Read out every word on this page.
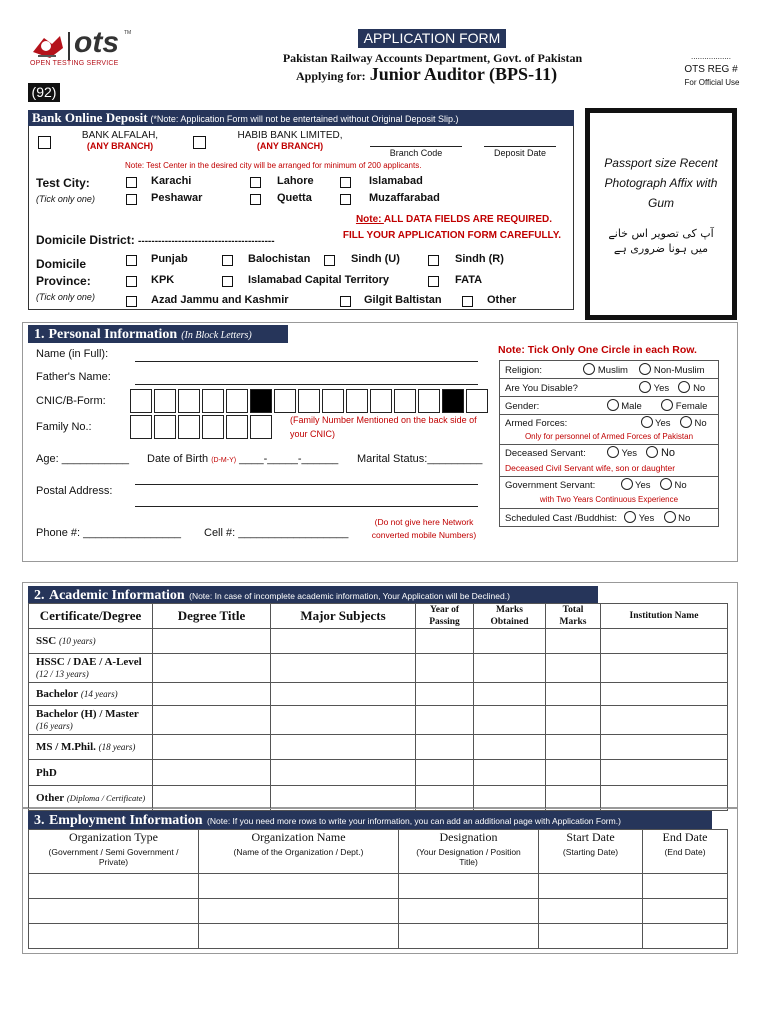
ots TM
OPEN TESTING SERVICE
APPLICATION FORM
Pakistan Railway Accounts Department, Govt. of Pakistan
Applying for: Junior Auditor (BPS-11)
..................
OTS REG #
For Official Use
(92)
Bank Online Deposit (*Note: Application Form will not be entertained without Original Deposit Slip.)
BANK ALFALAH,
(ANY BRANCH)
HABIB BANK LIMITED,
(ANY BRANCH)
Branch Code	Deposit Date
Note: Test Center in the desired city will be arranged for minimum of 200 applicants.
Test City:
(Tick only one)
Karachi	Lahore	Islamabad
Peshawar	Quetta	Muzaffarabad
Note: ALL DATA FIELDS ARE REQUIRED.
FILL YOUR APPLICATION FORM CAREFULLY.
Domicile District: -----------------------------------------
Domicile
Province:
(Tick only one)
Punjab	Balochistan	Sindh (U)	Sindh (R)
KPK	Islamabad Capital Territory	FATA
Azad Jammu and Kashmir	Gilgit Baltistan	Other
Passport size Recent
Photograph Affix with
Gum
آپ کی تصویر اس خانے
میں ہونا ضروری ہے
1. Personal Information (In Block Letters)
Name (in Full):
Father's Name:
CNIC/B-Form:
Family No.:
(Family Number Mentioned on the back side of your CNIC)
Age: ___________ Date of Birth (D-M-Y) ____-_____-______ Marital Status:_________
Postal Address:
Phone #: ________________ Cell #: __________________
(Do not give here Network
converted mobile Numbers)
Note: Tick Only One Circle in each Row.
Religion:	Muslim	Non-Muslim
Are You Disable?	Yes	No
Gender:	Male	Female
Armed Forces:	Yes	No
Only for personnel of Armed Forces of Pakistan

Deceased Servant:	Yes No
Deceased Civil Servant wife, son or daughter

Government Servant:	Yes	No
with Two Years Continuous Experience

Scheduled Cast /Buddhist: Yes	No
2. Academic Information (Note: In case of incomplete academic information, Your Application will be Declined.)
Certificate/Degree	Degree Title	Major Subjects	Year of Passing	Marks Obtained	Total Marks	Institution Name
SSC (10 years)						
HSSC / DAE / A-Level
(12 / 13 years)						
Bachelor (14 years)						
Bachelor (H) / Master
(16 years)						
MS / M.Phil. (18 years)						
PhD						
Other (Diploma / Certificate)						
3. Employment Information (Note: If you need more rows to write your information, you can add an additional page with Application Form.)
Organization Type	Organization Name	Designation	Start Date	End Date
(Government / Semi Government / Private)	(Name of the Organization / Dept.)	(Your Designation / Position Title)	(Starting Date)	(End Date)
